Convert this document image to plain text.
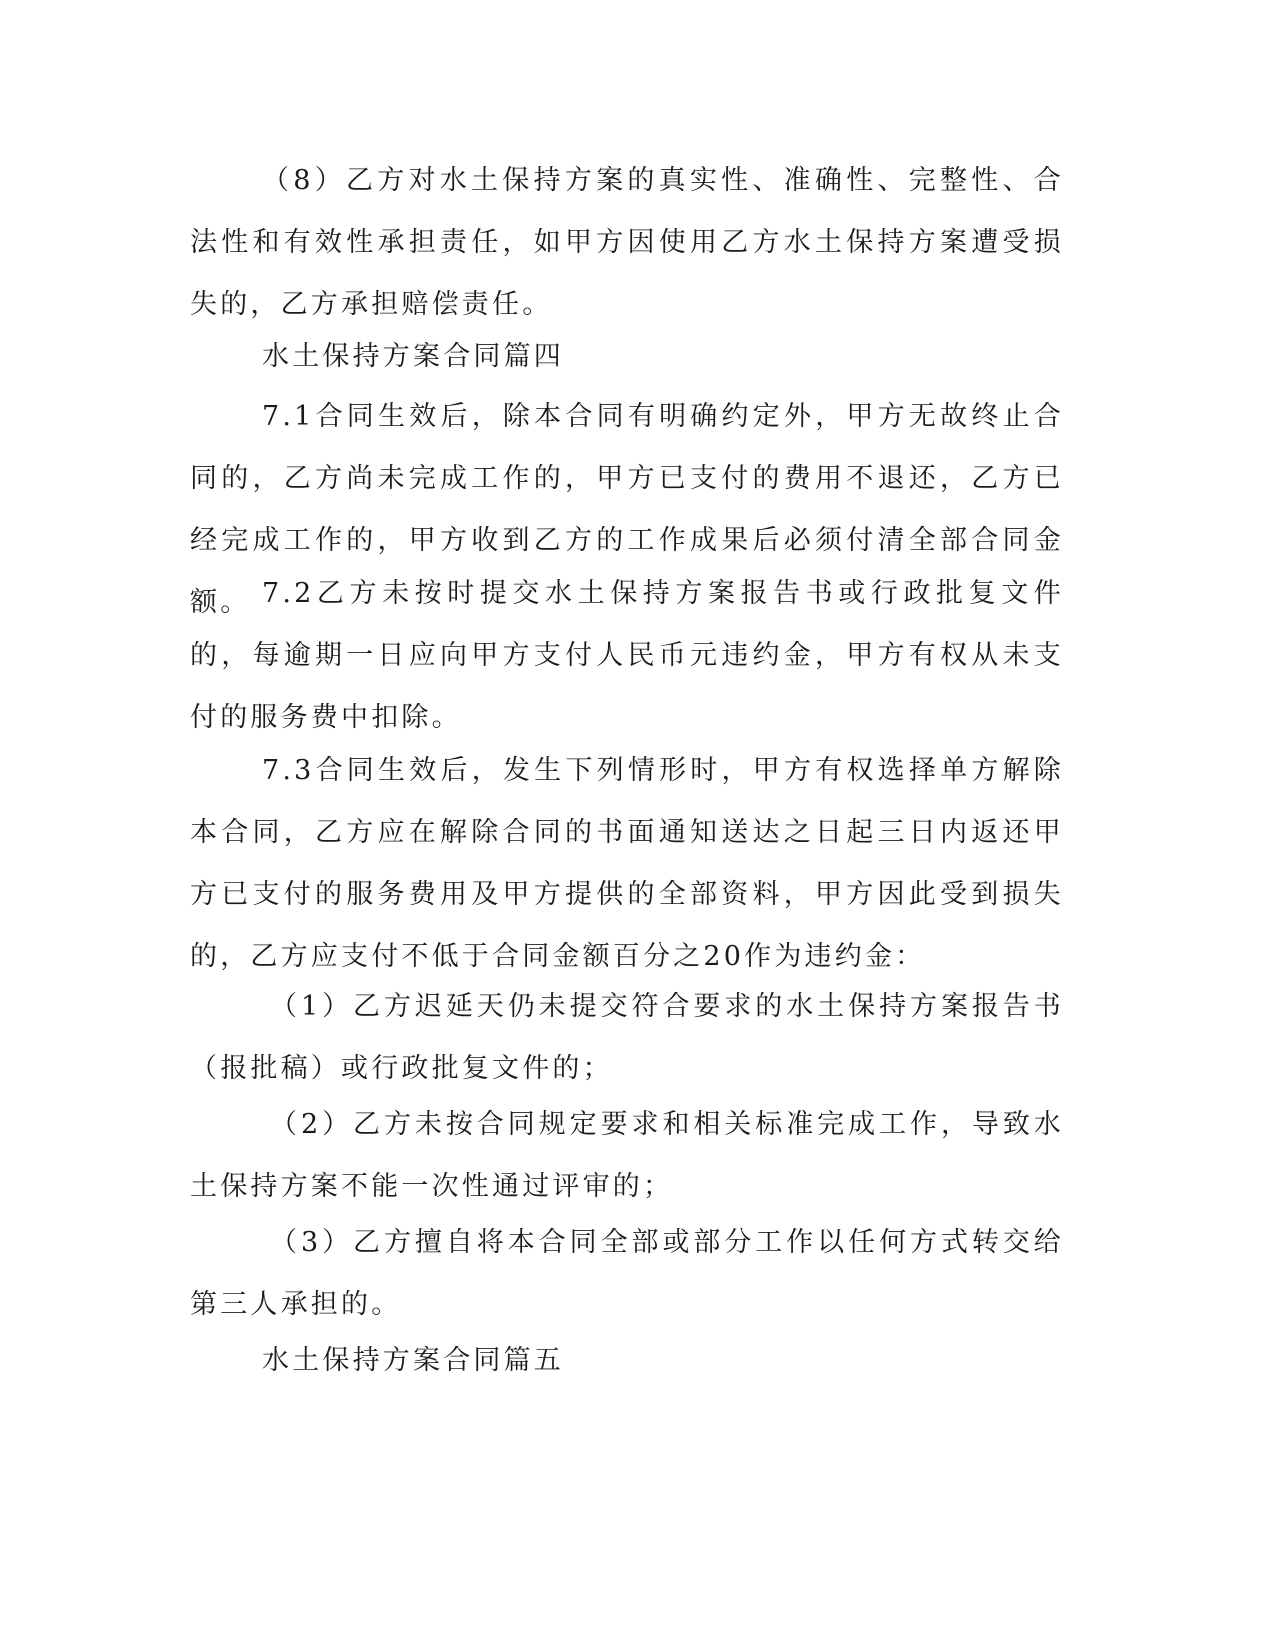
（8）乙方对水土保持方案的真实性、准确性、完整性、合法性和有效性承担责任，如甲方因使用乙方水土保持方案遭受损失的，乙方承担赔偿责任。

水土保持方案合同篇四

7.1合同生效后，除本合同有明确约定外，甲方无故终止合同的，乙方尚未完成工作的，甲方已支付的费用不退还，乙方已经完成工作的，甲方收到乙方的工作成果后必须付清全部合同金额。 7.2乙方未按时提交水土保持方案报告书或行政批复文件的，每逾期一日应向甲方支付人民币元违约金，甲方有权从未支付的服务费中扣除。

7.3合同生效后，发生下列情形时，甲方有权选择单方解除本合同，乙方应在解除合同的书面通知送达之日起三日内返还甲方已支付的服务费用及甲方提供的全部资料，甲方因此受到损失的，乙方应支付不低于合同金额百分之20作为违约金：

（1）乙方迟延天仍未提交符合要求的水土保持方案报告书（报批稿）或行政批复文件的；

（2）乙方未按合同规定要求和相关标准完成工作，导致水土保持方案不能一次性通过评审的；

（3）乙方擅自将本合同全部或部分工作以任何方式转交给第三人承担的。

水土保持方案合同篇五
